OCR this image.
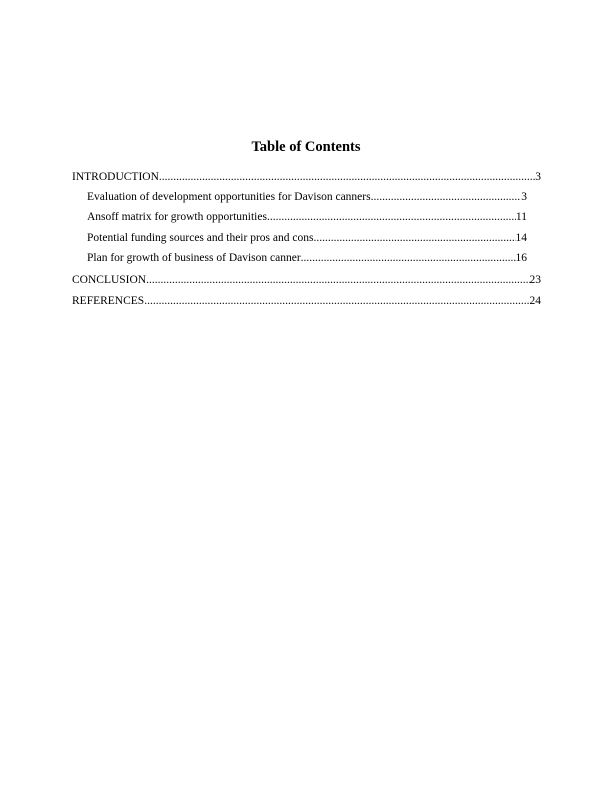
Table of Contents
INTRODUCTION .....	3
Evaluation of development opportunities for Davison canners .....	3
Ansoff matrix for growth opportunities .....	11
Potential funding sources and their pros and cons .....	14
Plan for growth of business of Davison canner .....	16
CONCLUSION .....	23
REFERENCES .....	24
